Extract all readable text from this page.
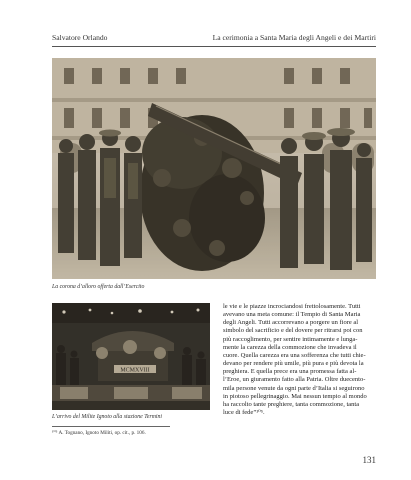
Salvatore Orlando	La cerimonia a Santa Maria degli Angeli e dei Martiri
La corona d’alloro offerta dall’Esercito
MCMXVIII
L’arrivo del Milite Ignoto alla stazione Termini
le vie e le piazze incrociandosi frettolosamente. Tutti
avevano una meta comune: il Tempio di Santa Maria
degli Angeli. Tutti accorrevano a porgere un fiore al
simbolo del sacrificio e del dovere per ritrarsi poi con
più raccoglimento, per sentire intimamente e lunga-
mente la carezza della commozione che invadeva il
cuore. Quella carezza era una sofferenza che tutti chie-
devano per rendere più umile, più pura e più devota la
preghiera. E quella prece era una promessa fatta al-
l’Eroe, un giuramento fatto alla Patria. Oltre duecento-
mila persone venute da ogni parte d’Italia si seguirono
in piotoso pellegrinaggio. Mai nessun tempio al mondo
ha raccolto tante preghiere, tanta commozione, tanta
luce di fede”¹⁰⁵.
¹⁰⁵ A. Tognano, Ignoto Militi, op. cit., p. 106.
131
